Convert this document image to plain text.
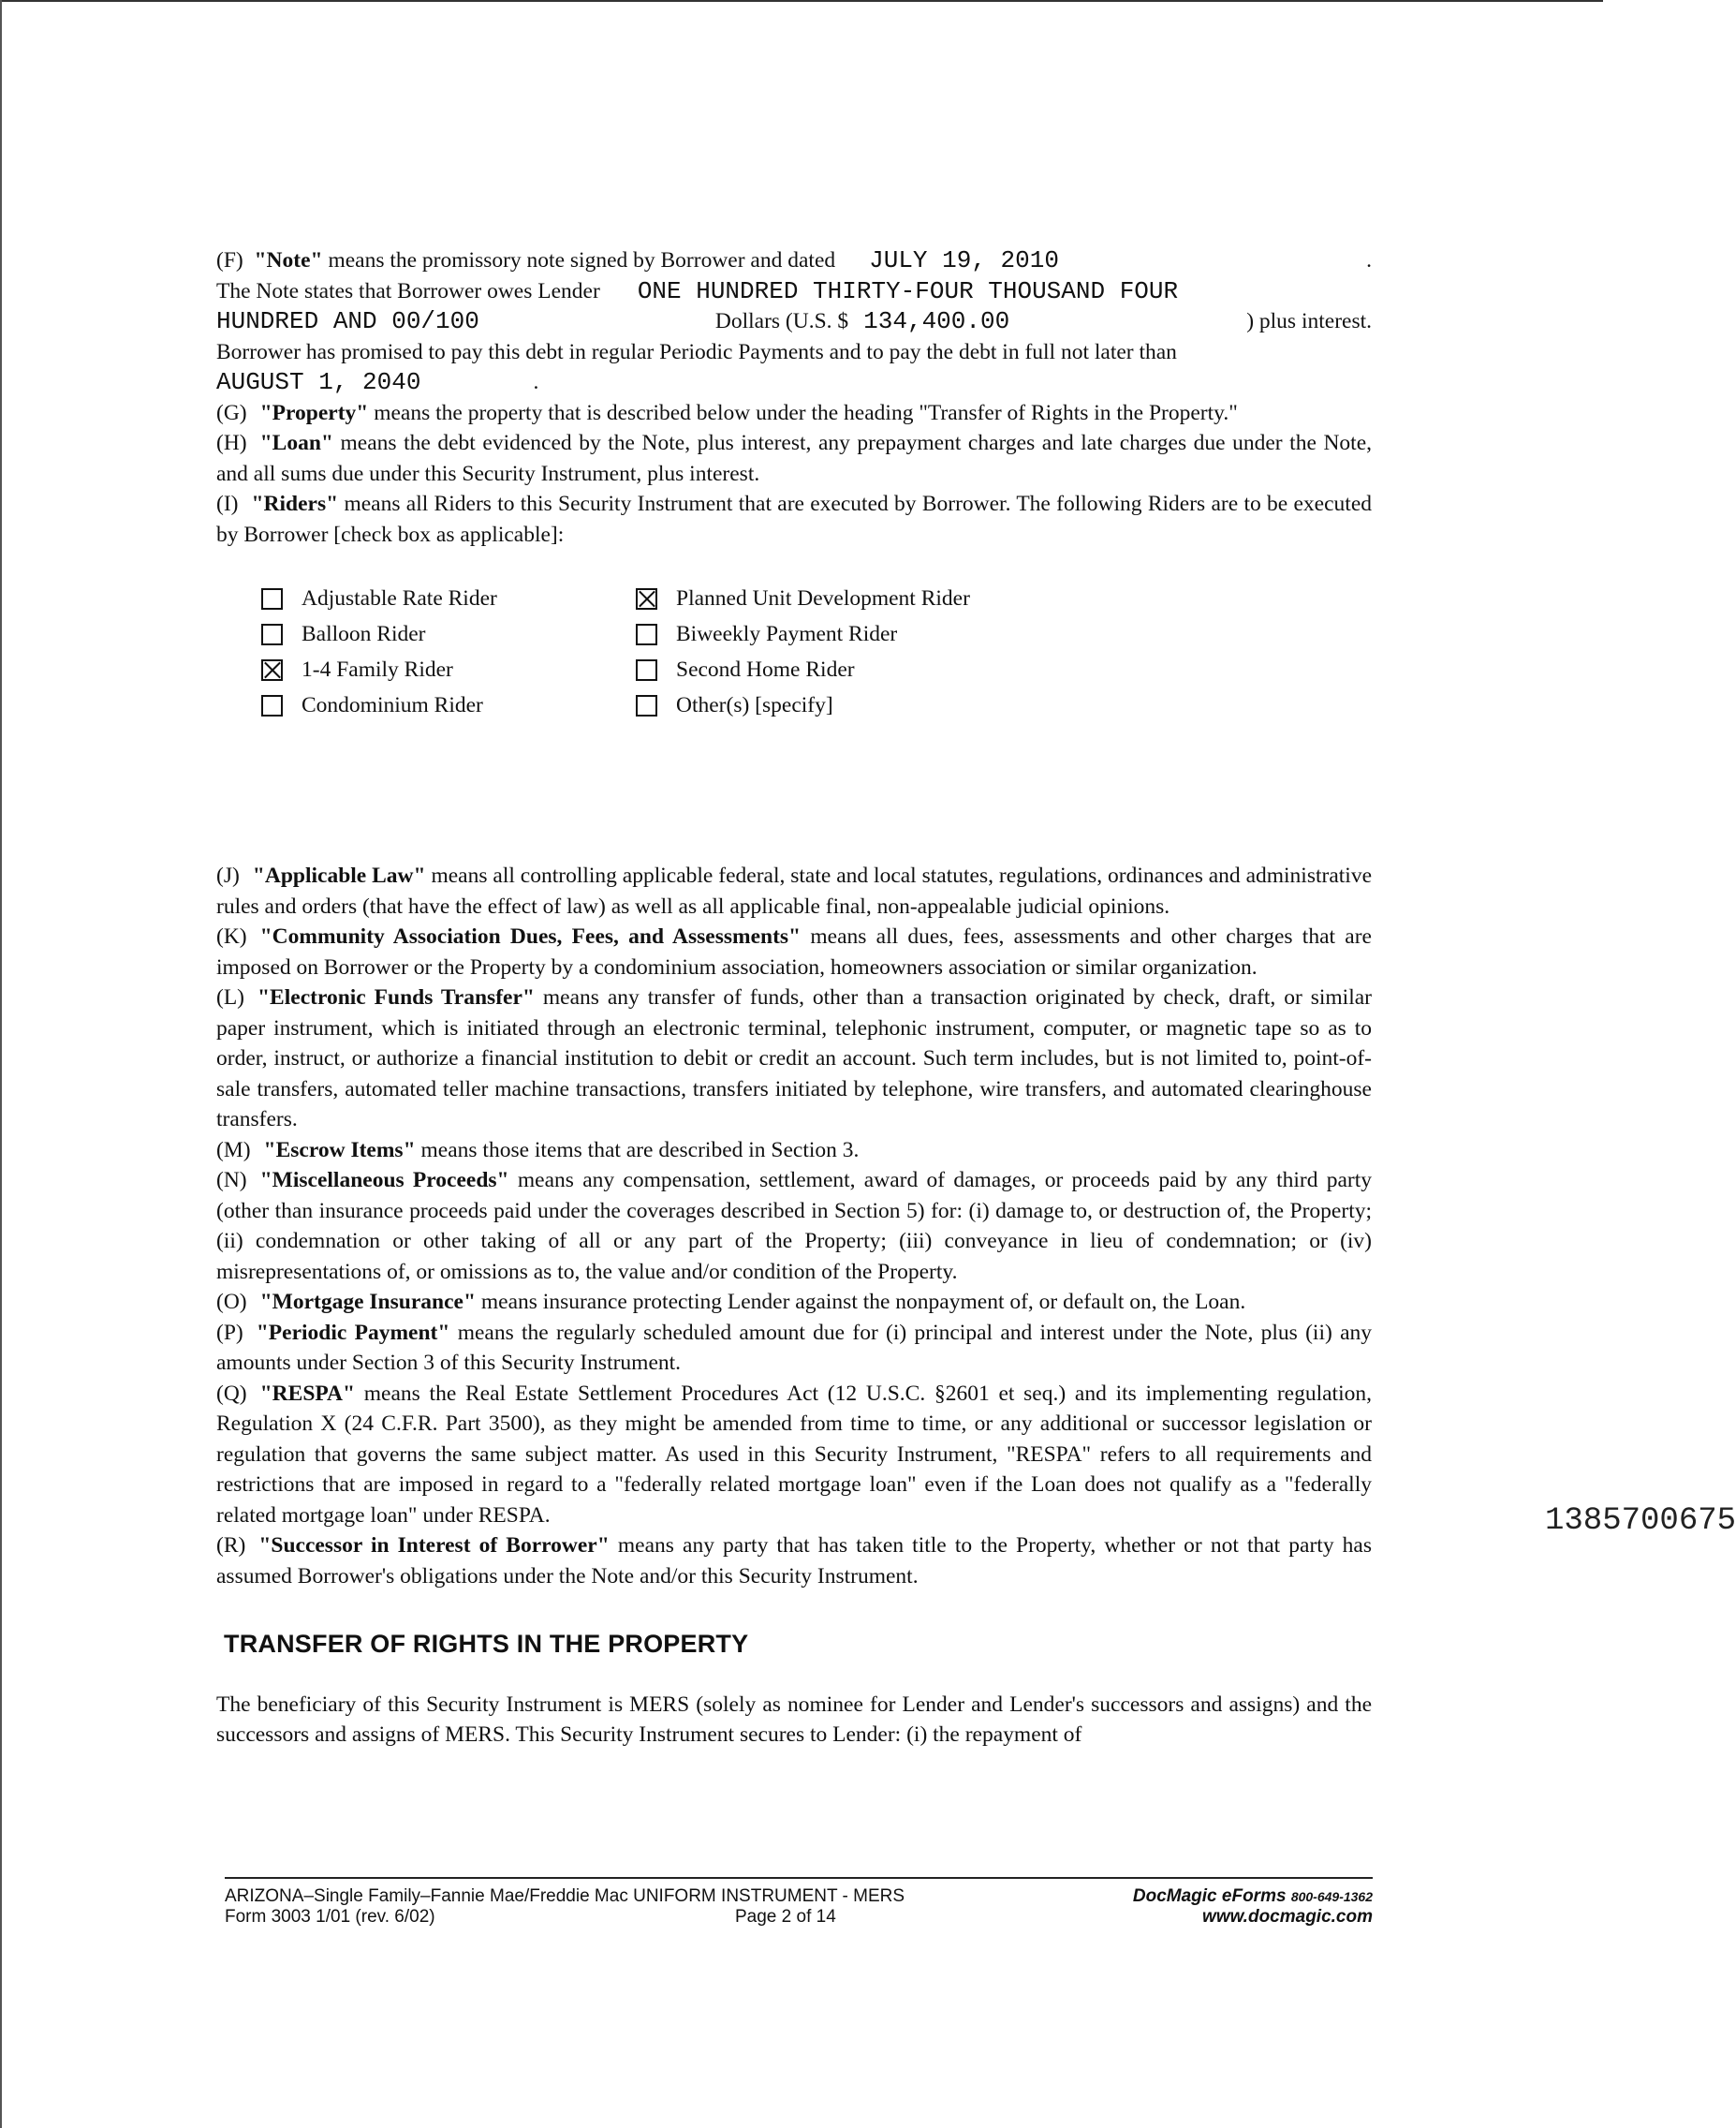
(F)
"Note"
means the promissory note signed by Borrower and dated JULY 19, 2010	.
The Note states that Borrower owes Lender ONE HUNDRED THIRTY-FOUR THOUSAND FOUR
HUNDRED AND 00/100	Dollars (U.S. $ 134,400.00	) plus interest.
Borrower has promised to pay this debt in regular Periodic Payments and to pay the debt in full not later than
AUGUST 1, 2040	.

(G) "Property" means the property that is described below under the heading "Transfer of Rights in the Property."

(H) "Loan" means the debt evidenced by the Note, plus interest, any prepayment charges and late charges due under the Note, and all sums due under this Security Instrument, plus interest.

(I) "Riders" means all Riders to this Security Instrument that are executed by Borrower. The following Riders are to be executed by Borrower [check box as applicable]:

Adjustable Rate Rider	Planned Unit Development Rider
Balloon Rider	Biweekly Payment Rider
1-4 Family Rider	Second Home Rider
Condominium Rider	Other(s) [specify]

(J) "Applicable Law" means all controlling applicable federal, state and local statutes, regulations, ordinances and administrative rules and orders (that have the effect of law) as well as all applicable final, non-appealable judicial opinions.

(K) "Community Association Dues, Fees, and Assessments" means all dues, fees, assessments and other charges that are imposed on Borrower or the Property by a condominium association, homeowners association or similar organization.

(L) "Electronic Funds Transfer" means any transfer of funds, other than a transaction originated by check, draft, or similar paper instrument, which is initiated through an electronic terminal, telephonic instrument, computer, or magnetic tape so as to order, instruct, or authorize a financial institution to debit or credit an account. Such term includes, but is not limited to, point-of-sale transfers, automated teller machine transactions, transfers initiated by telephone, wire transfers, and automated clearinghouse transfers.

(M) "Escrow Items" means those items that are described in Section 3.

(N) "Miscellaneous Proceeds" means any compensation, settlement, award of damages, or proceeds paid by any third party (other than insurance proceeds paid under the coverages described in Section 5) for: (i) damage to, or destruction of, the Property; (ii) condemnation or other taking of all or any part of the Property; (iii) conveyance in lieu of condemnation; or (iv) misrepresentations of, or omissions as to, the value and/or condition of the Property.

(O) "Mortgage Insurance" means insurance protecting Lender against the nonpayment of, or default on, the Loan.

(P) "Periodic Payment" means the regularly scheduled amount due for (i) principal and interest under the Note, plus (ii) any amounts under Section 3 of this Security Instrument.

(Q) "RESPA" means the Real Estate Settlement Procedures Act (12 U.S.C. §2601 et seq.) and its implementing regulation, Regulation X (24 C.F.R. Part 3500), as they might be amended from time to time, or any additional or successor legislation or regulation that governs the same subject matter. As used in this Security Instrument, "RESPA" refers to all requirements and restrictions that are imposed in regard to a "federally related mortgage loan" even if the Loan does not qualify as a "federally related mortgage loan" under RESPA.

(R) "Successor in Interest of Borrower" means any party that has taken title to the Property, whether or not that party has assumed Borrower's obligations under the Note and/or this Security Instrument.

TRANSFER OF RIGHTS IN THE PROPERTY

The beneficiary of this Security Instrument is MERS (solely as nominee for Lender and Lender's successors and assigns) and the successors and assigns of MERS. This Security Instrument secures to Lender: (i) the repayment of

1385700675
ARIZONA–Single Family–Fannie Mae/Freddie Mac UNIFORM INSTRUMENT - MERS
Form 3003 1/01 (rev. 6/02)	Page 2 of 14
DocMagic eForms 800-649-1362
www.docmagic.com
